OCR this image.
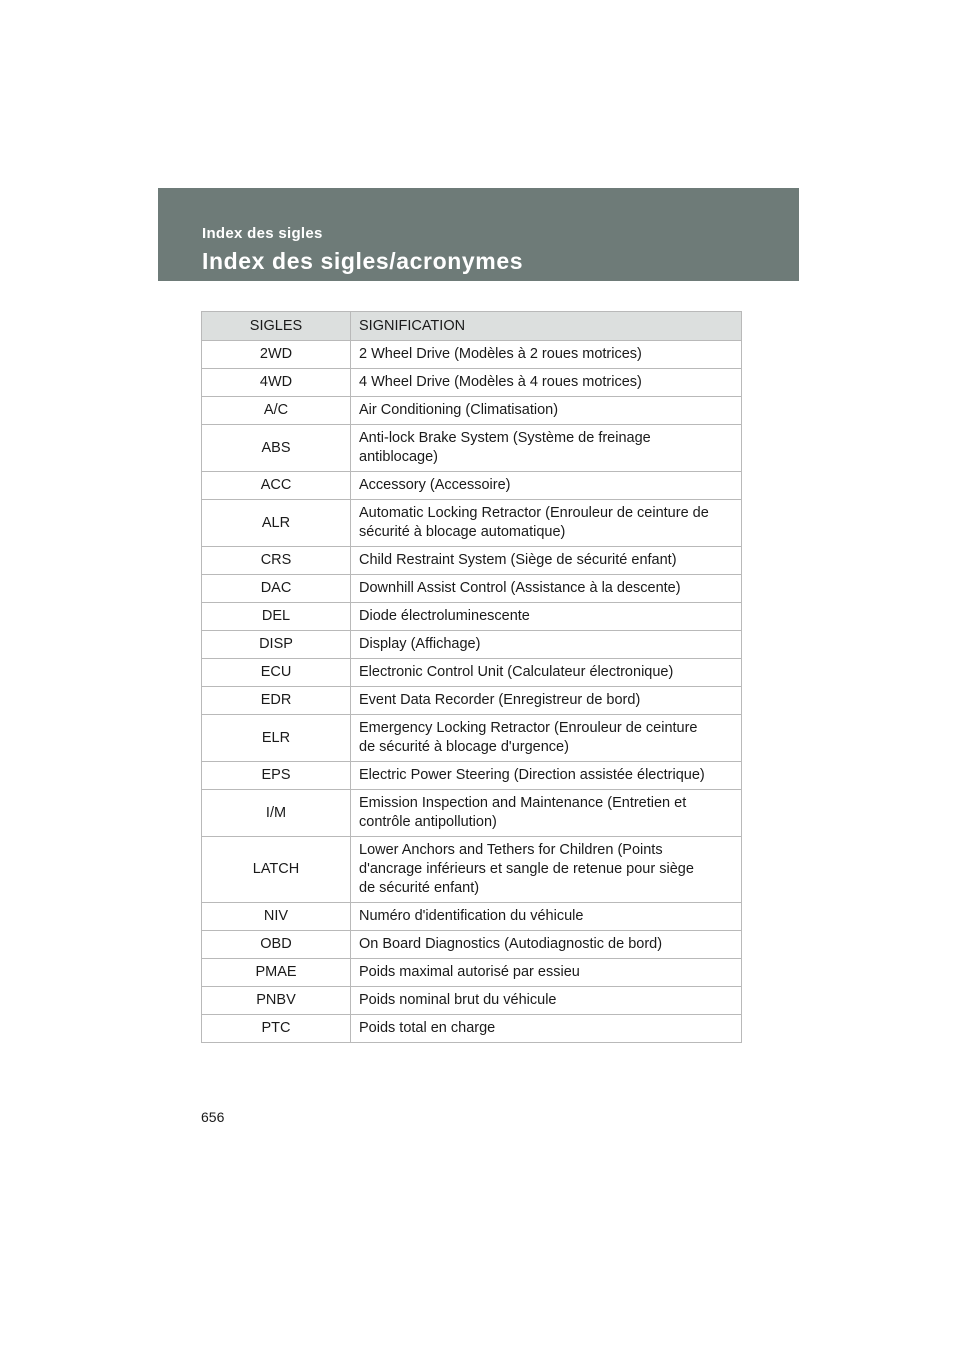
Index des sigles
Index des sigles/acronymes
SIGLES	SIGNIFICATION
2WD	2 Wheel Drive (Modèles à 2 roues motrices)

4WD	4 Wheel Drive (Modèles à 4 roues motrices)

A/C	Air Conditioning (Climatisation)

ABS	Anti-lock Brake System (Système de freinage
antiblocage)

ACC	Accessory (Accessoire)

ALR	Automatic Locking Retractor (Enrouleur de ceinture de
sécurité à blocage automatique)

CRS	Child Restraint System (Siège de sécurité enfant)

DAC	Downhill Assist Control (Assistance à la descente)

DEL	Diode électroluminescente

DISP	Display (Affichage)

ECU	Electronic Control Unit (Calculateur électronique)

EDR	Event Data Recorder (Enregistreur de bord)

ELR	Emergency Locking Retractor (Enrouleur de ceinture
de sécurité à blocage d'urgence)

EPS	Electric Power Steering (Direction assistée électrique)

I/M	Emission Inspection and Maintenance (Entretien et
contrôle antipollution)

LATCH	Lower Anchors and Tethers for Children (Points
d'ancrage inférieurs et sangle de retenue pour siège
de sécurité enfant)

NIV	Numéro d'identification du véhicule

OBD	On Board Diagnostics (Autodiagnostic de bord)

PMAE	Poids maximal autorisé par essieu

PNBV	Poids nominal brut du véhicule

PTC	Poids total en charge
656
